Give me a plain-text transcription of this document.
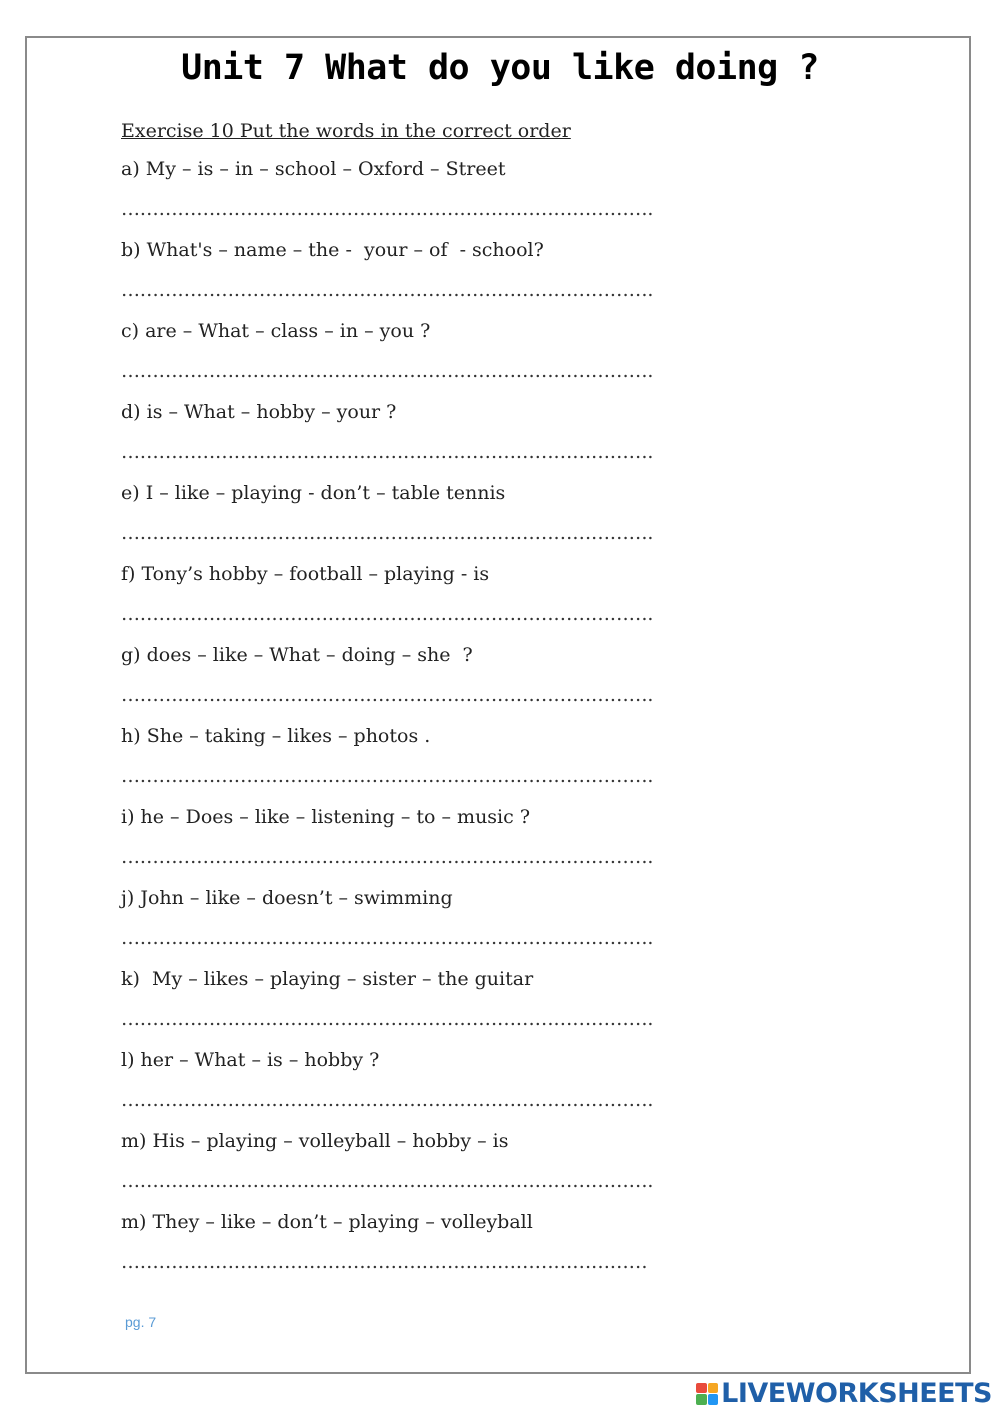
Unit 7 What do you like doing ?

Exercise 10 Put the words in the correct order

a) My – is – in – school – Oxford – Street
………………………………………………………………………….
b) What's – name – the -  your – of  - school?
………………………………………………………………………….
c) are – What – class – in – you ?
………………………………………………………………………….
d) is – What – hobby – your ?
………………………………………………………………………….
e) I – like – playing - don’t – table tennis
………………………………………………………………………….
f) Tony’s hobby – football – playing - is
………………………………………………………………………….
g) does – like – What – doing – she  ?
………………………………………………………………………….
h) She – taking – likes – photos .
………………………………………………………………………….
i) he – Does – like – listening – to – music ?
………………………………………………………………………….
j) John – like – doesn’t – swimming
………………………………………………………………………….
k)  My – likes – playing – sister – the guitar
………………………………………………………………………….
l) her – What – is – hobby ?
………………………………………………………………………….
m) His – playing – volleyball – hobby – is
………………………………………………………………………….
m) They – like – don’t – playing – volleyball
…………………………………………………………………………
pg. 7
LIVEWORKSHEETS
